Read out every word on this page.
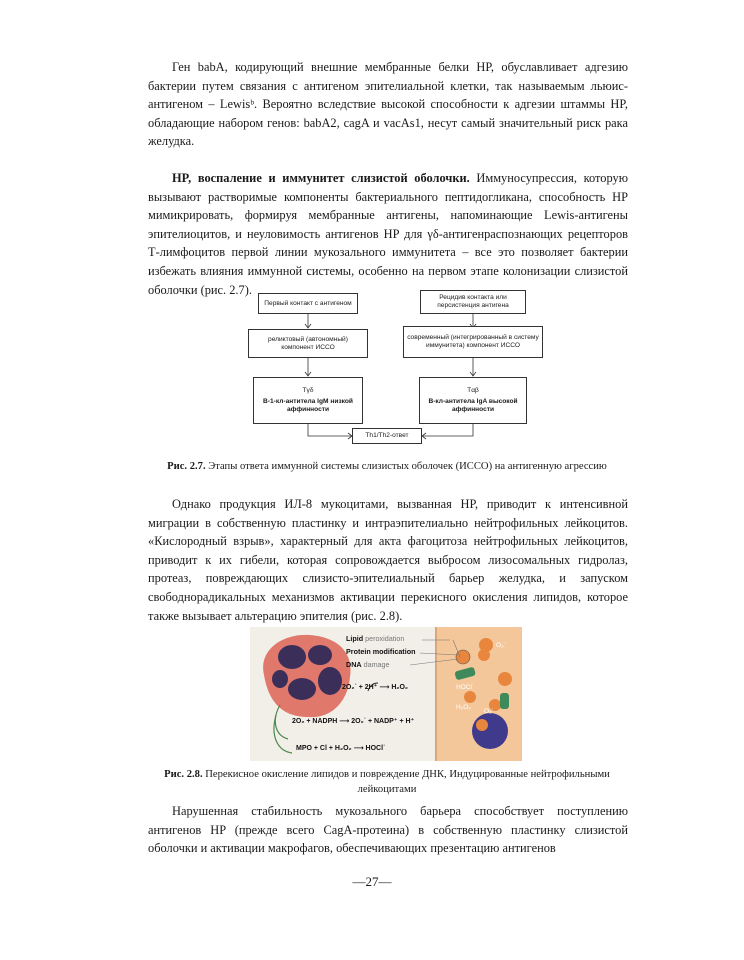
Ген babA, кодирующий внешние мембранные белки HP, обуславливает адгезию бактерии путем связания с антигеном эпителиальной клетки, так называемым льюис-антигеном – Lewisᵇ. Вероятно вследствие высокой способности к адгезии штаммы HP, обладающие набором генов: babA2, cagA и vacAs1, несут самый значительный риск рака желудка.

HP, воспаление и иммунитет слизистой оболочки. Иммуносупрессия, которую вызывают растворимые компоненты бактериального пептидогликана, способность HP мимикрировать, формируя мембранные антигены, напоминающие Lewis-антигены эпителиоцитов, и неуловимость антигенов HP для γδ-антигенраспознающих рецепторов Т-лимфоцитов первой линии мукозального иммунитета – все это позволяет бактерии избежать влияния иммунной системы, особенно на первом этапе колонизации слизистой оболочки (рис. 2.7).

Первый контакт с антигеном
реликтовый (автономный) компонент ИССО
Tγδ
В-1-кл-антитела IgM низкой аффинности
Рецидив контакта или персистенция антигена
современный (интегрированный в систему иммунитета) компонент ИССО
Tαβ
В-кл-антитела IgA высокой аффинности
Th1/Th2-ответ
Рис. 2.7. Этапы ответа иммунной системы слизистых оболочек (ИССО) на антигенную агрессию

Однако продукция ИЛ-8 мукоцитами, вызванная HP, приводит к интенсивной миграции в собственную пластинку и интраэпителиально нейтрофильных лейкоцитов. «Кислородный взрыв», характерный для акта фагоцитоза нейтрофильных лейкоцитов, приводит к их гибели, которая сопровождается выбросом лизосомальных гидролаз, протеаз, повреждающих слизисто-эпителиальный барьер желудка, и запуском свободнорадикальных механизмов активации перекисного окисления липидов, которое также вызывает альтерацию эпителия (рис. 2.8).

Lipid peroxidation
Protein modification
DNA damage
2O₂˙ + 2H⁺ ⟶ H₂O₂
2O₂ + NADPH ⟶ 2O₂˙ + NADP⁺ + H⁺
MPO + Cl + H₂O₂ ⟶ HOCl˙
O₂˙
HOCl˙
H₂O₂
O₂˙
Рис. 2.8. Перекисное окисление липидов и повреждение ДНК, Индуцированные нейтрофильными лейкоцитами

Нарушенная стабильность мукозального барьера способствует поступлению антигенов HP (прежде всего CagA-протеина) в собственную пластинку слизистой оболочки и активации макрофагов, обеспечивающих презентацию антигенов

—27—
